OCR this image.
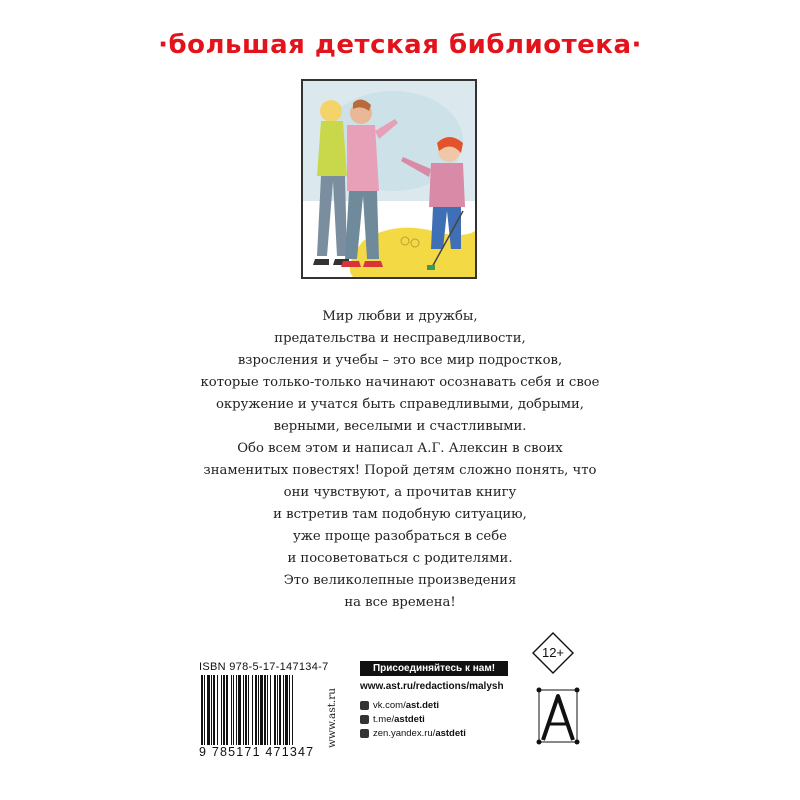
·большая детская библиотека·
Мир любви и дружбы,
предательства и несправедливости,
взросления и учебы – это все мир подростков,
которые только-только начинают осознавать себя и свое
окружение и учатся быть справедливыми, добрыми,
верными, веселыми и счастливыми.
Обо всем этом и написал А.Г. Алексин в своих
знаменитых повестях! Порой детям сложно понять, что
они чувствуют, а прочитав книгу
и встретив там подобную ситуацию,
уже проще разобраться в себе
и посоветоваться с родителями.
Это великолепные произведения
на все времена!
12+
ISBN 978-5-17-147134-7
9 785171 471347
www.ast.ru
Присоединяйтесь к нам!
www.ast.ru/redactions/malysh
vk.com/ ast.deti
t.me/ astdeti
zen.yandex.ru/ astdeti
